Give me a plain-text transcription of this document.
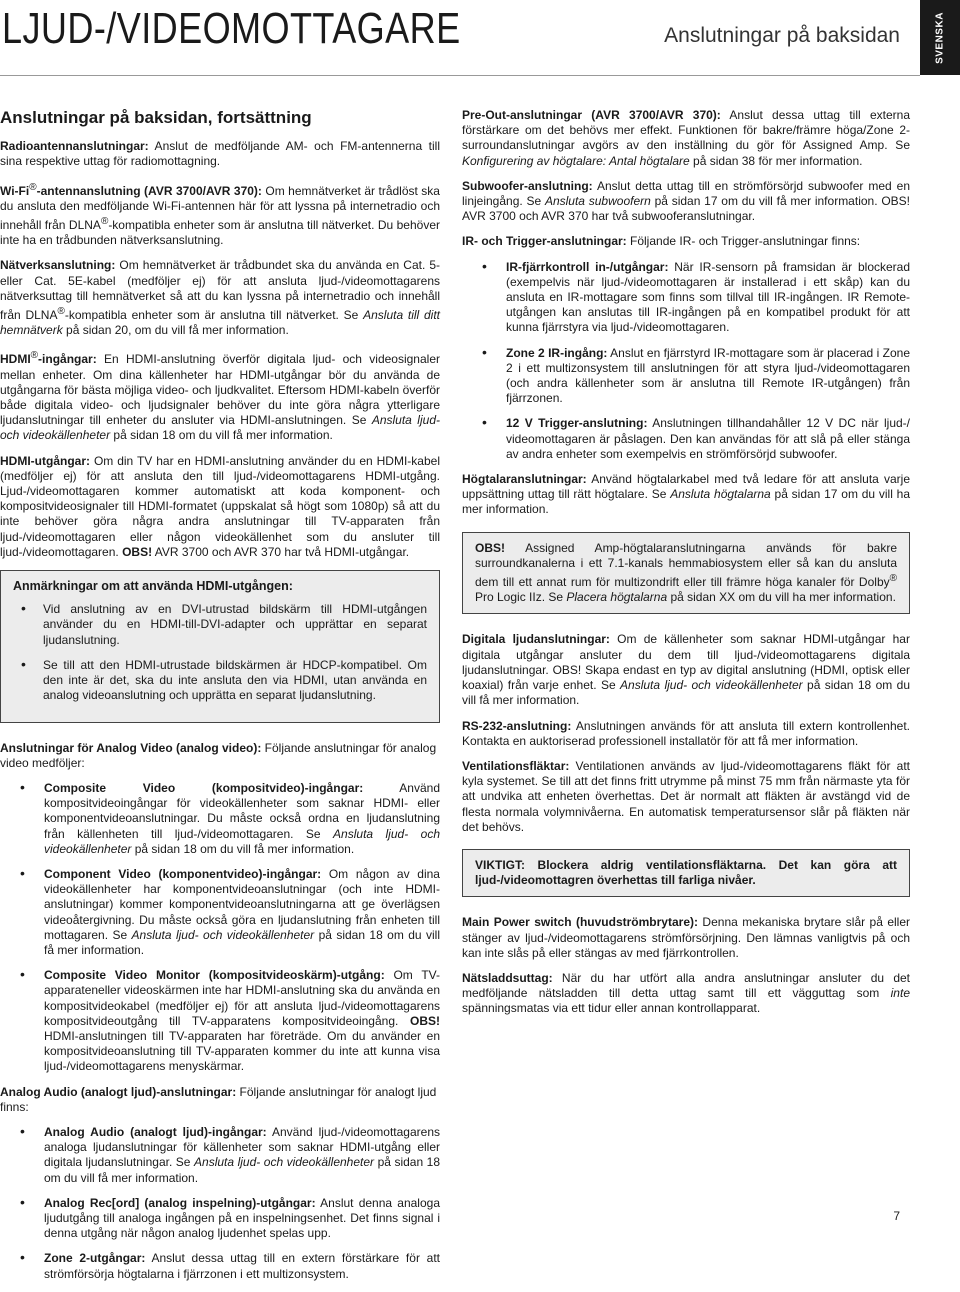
LJUD-/VIDEOMOTTAGARE	Anslutningar på baksidan	SVENSKA
Anslutningar på baksidan, fortsättning

Radioantennanslutningar: Anslut de medföljande AM- och FM-antennerna till sina respektive uttag för radiomottagning.

Wi-Fi®-antennanslutning (AVR 3700/AVR 370): Om hemnätverket är trådlöst ska du ansluta den medföljande Wi-Fi-antennen här för att lyssna på internetradio och innehåll från DLNA®-kompatibla enheter som är anslutna till nätverket. Du behöver inte ha en trådbunden nätverksanslutning.

Nätverksanslutning: Om hemnätverket är trådbundet ska du använda en Cat. 5- eller Cat. 5E-kabel (medföljer ej) för att ansluta ljud-/videomottagarens nätverksuttag till hemnätverket så att du kan lyssna på internetradio och innehåll från DLNA®-kompatibla enheter som är anslutna till nätverket. Se Ansluta till ditt hemnätverk på sidan 20, om du vill få mer information.

HDMI®-ingångar: En HDMI-anslutning överför digitala ljud- och videosignaler mellan enheter. Om dina källenheter har HDMI-utgångar bör du använda de utgångarna för bästa möjliga video- och ljudkvalitet. Eftersom HDMI-kabeln överför både digitala video- och ljudsignaler behöver du inte göra några ytterligare ljudanslutningar till enheter du ansluter via HDMI-anslutningen. Se Ansluta ljud- och videokällenheter på sidan 18 om du vill få mer information.

HDMI-utgångar: Om din TV har en HDMI-anslutning använder du en HDMI-kabel (medföljer ej) för att ansluta den till ljud-/videomottagarens HDMI-utgång. Ljud-/videomottagaren kommer automatiskt att koda komponent- och kompositvideosignaler till HDMI-formatet (uppskalat så högt som 1080p) så att du inte behöver göra några andra anslutningar till TV-apparaten från ljud-/videomottagaren eller någon videokällenhet som du ansluter till ljud-/videomottagaren. OBS! AVR 3700 och AVR 370 har två HDMI-utgångar.

Anmärkningar om att använda HDMI-utgången:
• Vid anslutning av en DVI-utrustad bildskärm till HDMI-utgången använder du en HDMI-till-DVI-adapter och upprättar en separat ljudanslutning.
• Se till att den HDMI-utrustade bildskärmen är HDCP-kompatibel. Om den inte är det, ska du inte ansluta den via HDMI, utan använda en analog videoanslutning och upprätta en separat ljudanslutning.

Anslutningar för Analog Video (analog video): Följande anslutningar för analog video medföljer:

• Composite Video (kompositvideo)-ingångar: Använd kompositvideoingångar för videokällenheter som saknar HDMI- eller komponentvideoanslutningar. Du måste också ordna en ljudanslutning från källenheten till ljud-/videomottagaren. Se Ansluta ljud- och videokällenheter på sidan 18 om du vill få mer information.
• Component Video (komponentvideo)-ingångar: Om någon av dina videokällenheter har komponentvideoanslutningar (och inte HDMI-anslutningar) kommer komponentvideoanslutningarna att ge överlägsen videoåtergivning. Du måste också göra en ljudanslutning från enheten till mottagaren. Se Ansluta ljud- och videokällenheter på sidan 18 om du vill få mer information.
• Composite Video Monitor (kompositvideoskärm)-utgång: Om TV-apparateneller videoskärmen inte har HDMI-anslutning ska du använda en kompositvideokabel (medföljer ej) för att ansluta ljud-/videomottagarens kompositvideoutgång till TV-apparatens kompositvideoingång. OBS! HDMI-anslutningen till TV-apparaten har företräde. Om du använder en kompositvideoanslutning till TV-apparaten kommer du inte att kunna visa ljud-/videomottagarens menyskärmar.

Analog Audio (analogt ljud)-anslutningar: Följande anslutningar för analogt ljud finns:

• Analog Audio (analogt ljud)-ingångar: Använd ljud-/videomottagarens analoga ljudanslutningar för källenheter som saknar HDMI-utgång eller digitala ljudanslutningar. Se Ansluta ljud- och videokällenheter på sidan 18 om du vill få mer information.
• Analog Rec[ord] (analog inspelning)-utgångar: Anslut denna analoga ljudutgång till analoga ingången på en inspelningsenhet. Det finns signal i denna utgång när någon analog ljudenhet spelas upp.
• Zone 2-utgångar: Anslut dessa uttag till en extern förstärkare för att strömförsörja högtalarna i fjärrzonen i ett multizonsystem.

Pre-Out-anslutningar (AVR 3700/AVR 370): Anslut dessa uttag till externa förstärkare om det behövs mer effekt. Funktionen för bakre/främre höga/Zone 2-surroundanslutningar avgörs av den inställning du gör för Assigned Amp. Se Konfigurering av högtalare: Antal högtalare på sidan 38 för mer information.

Subwoofer-anslutning: Anslut detta uttag till en strömförsörjd subwoofer med en linjeingång. Se Ansluta subwoofern på sidan 17 om du vill få mer information. OBS! AVR 3700 och AVR 370 har två subwooferanslutningar.

IR- och Trigger-anslutningar: Följande IR- och Trigger-anslutningar finns:

• IR-fjärrkontroll in-/utgångar: När IR-sensorn på framsidan är blockerad (exempelvis när ljud-/videomottagaren är installerad i ett skåp) kan du ansluta en IR-mottagare som finns som tillval till IR-ingången. IR Remote-utgången kan anslutas till IR-ingången på en kompatibel produkt för att kunna fjärrstyra via ljud-/videomottagaren.
• Zone 2 IR-ingång: Anslut en fjärrstyrd IR-mottagare som är placerad i Zone 2 i ett multizonsystem till anslutningen för att styra ljud-/videomottagaren (och andra källenheter som är anslutna till Remote IR-utgången) från fjärrzonen.
• 12 V Trigger-anslutning: Anslutningen tillhandahåller 12 V DC när ljud-/ videomottagaren är påslagen. Den kan användas för att slå på eller stänga av andra enheter som exempelvis en strömförsörjd subwoofer.

Högtalaranslutningar: Använd högtalarkabel med två ledare för att ansluta varje uppsättning uttag till rätt högtalare. Se Ansluta högtalarna på sidan 17 om du vill ha mer information.

OBS! Assigned Amp-högtalaranslutningarna används för bakre surroundkanalerna i ett 7.1-kanals hemmabiosystem eller så kan du ansluta dem till ett annat rum för multizondrift eller till främre höga kanaler för Dolby® Pro Logic IIz. Se Placera högtalarna på sidan XX om du vill ha mer information.

Digitala ljudanslutningar: Om de källenheter som saknar HDMI-utgångar har digitala utgångar ansluter du dem till ljud-/videomottagarens digitala ljudanslutningar. OBS! Skapa endast en typ av digital anslutning (HDMI, optisk eller koaxial) från varje enhet. Se Ansluta ljud- och videokällenheter på sidan 18 om du vill få mer information.

RS-232-anslutning: Anslutningen används för att ansluta till extern kontrollenhet. Kontakta en auktoriserad professionell installatör för att få mer information.

Ventilationsfläktar: Ventilationen används av ljud-/videomottagarens fläkt för att kyla systemet. Se till att det finns fritt utrymme på minst 75 mm från närmaste yta för att undvika att enheten överhettas. Det är normalt att fläkten är avstängd vid de flesta normala volymnivåerna. En automatisk temperatursensor slår på fläkten när det behövs.

VIKTIGT: Blockera aldrig ventilationsfläktarna. Det kan göra att ljud-/videomottagren överhettas till farliga nivåer.

Main Power switch (huvudströmbrytare): Denna mekaniska brytare slår på eller stänger av ljud-/videomottagarens strömförsörjning. Den lämnas vanligtvis på och kan inte slås på eller stängas av med fjärrkontrollen.

Nätsladdsuttag: När du har utfört alla andra anslutningar ansluter du det medföljande nätsladden till detta uttag samt till ett vägguttag som inte spänningsmatas via ett tidur eller annan kontrollapparat.

7
